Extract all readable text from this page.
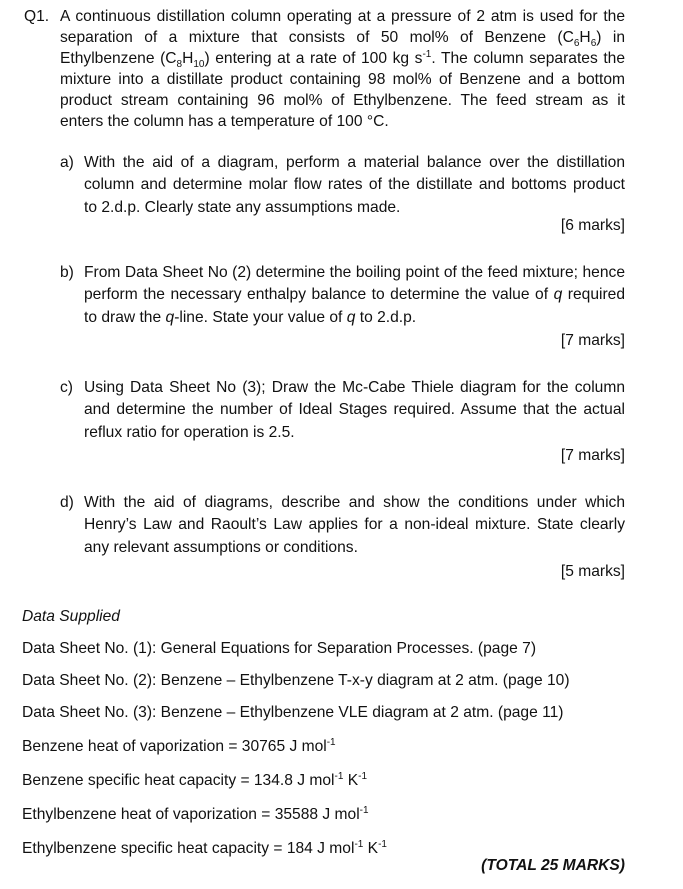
Q1. A continuous distillation column operating at a pressure of 2 atm is used for the
separation of a mixture that consists of 50 mol% of Benzene $(C_6H_6)$ in
Ethylbenzene $(C_8H_{10})$ entering at a rate of 100 kg $s^{-1}$. The column separates the
mixture into a distillate product containing 98 mol% of Benzene and a bottom
product stream containing 96 mol% of Ethylbenzene. The feed stream as it
enters the column has a temperature of 100 °C.
a) With the aid of a diagram, perform a material balance over the distillation
column and determine molar flow rates of the distillate and bottoms product
to 2.d.p. Clearly state any assumptions made.
[6 marks]
b) From Data Sheet No (2) determine the boiling point of the feed mixture; hence
perform the necessary enthalpy balance to determine the value of q required
to draw the q-line. State your value of q to 2.d.p.
[7 marks]
c) Using Data Sheet No (3); Draw the Mc-Cabe Thiele diagram for the column
and determine the number of Ideal Stages required. Assume that the actual
reflux ratio for operation is 2.5.
[7 marks]
d) With the aid of diagrams, describe and show the conditions under which
Henry’s Law and Raoult’s Law applies for a non-ideal mixture. State clearly
any relevant assumptions or conditions.
[5 marks]
Data Supplied
Data Sheet No. (1): General Equations for Separation Processes. (page 7)
Data Sheet No. (2): Benzene – Ethylbenzene T-x-y diagram at 2 atm. (page 10)
Data Sheet No. (3): Benzene – Ethylbenzene VLE diagram at 2 atm. (page 11)
Benzene heat of vaporization = 30765 J mol$^{-1}$
Benzene specific heat capacity = 134.8 J mol$^{-1}$ $K^{-1}$
Ethylbenzene heat of vaporization = 35588 J mol$^{-1}$
Ethylbenzene specific heat capacity = 184 J mol$^{-1}$ $K^{-1}$
(TOTAL 25 MARKS)
